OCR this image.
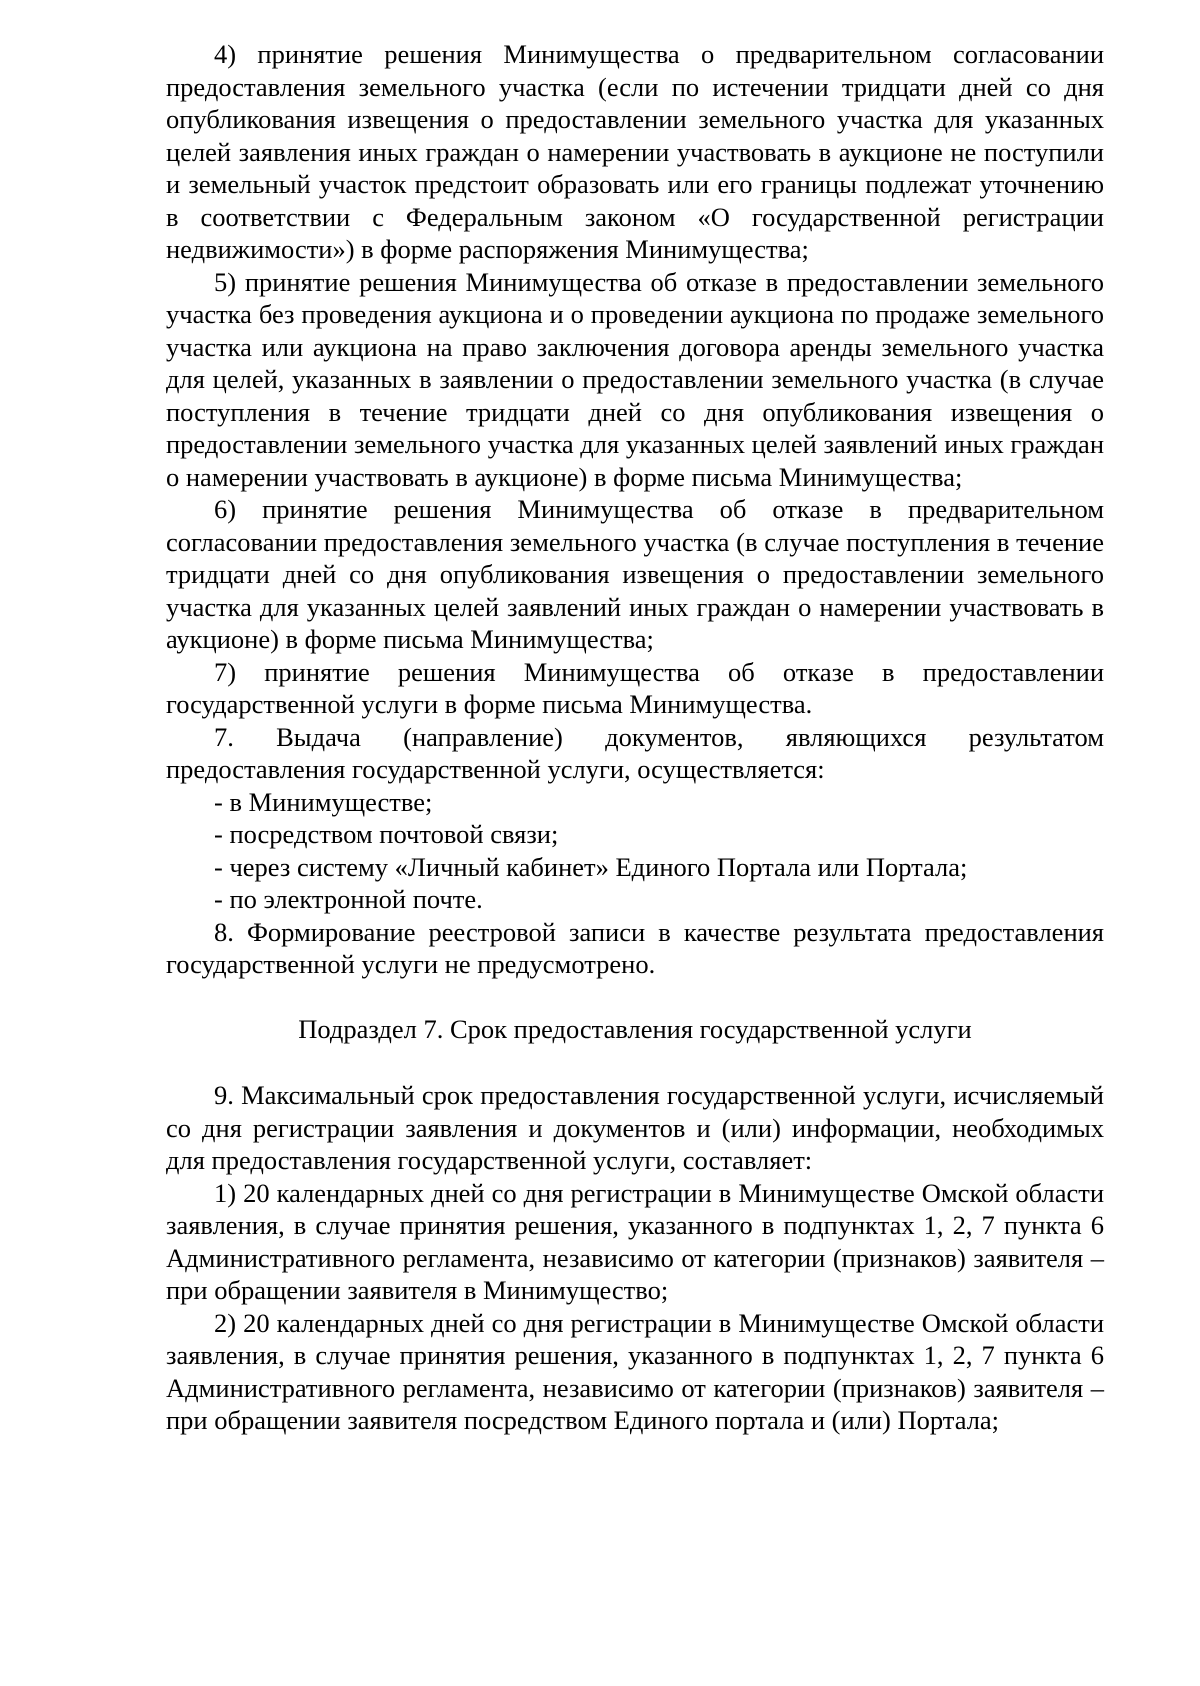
4) принятие решения Минимущества о предварительном согласовании предоставления земельного участка (если по истечении тридцати дней со дня опубликования извещения о предоставлении земельного участка для указанных целей заявления иных граждан о намерении участвовать в аукционе не поступили и земельный участок предстоит образовать или его границы подлежат уточнению в соответствии с Федеральным законом «О государственной регистрации недвижимости») в форме распоряжения Минимущества;

5) принятие решения Минимущества об отказе в предоставлении земельного участка без проведения аукциона и о проведении аукциона по продаже земельного участка или аукциона на право заключения договора аренды земельного участка для целей, указанных в заявлении о предоставлении земельного участка (в случае поступления в течение тридцати дней со дня опубликования извещения о предоставлении земельного участка для указанных целей заявлений иных граждан о намерении участвовать в аукционе) в форме письма Минимущества;

6) принятие решения Минимущества об отказе в предварительном согласовании предоставления земельного участка (в случае поступления в течение тридцати дней со дня опубликования извещения о предоставлении земельного участка для указанных целей заявлений иных граждан о намерении участвовать в аукционе) в форме письма Минимущества;

7) принятие решения Минимущества об отказе в предоставлении государственной услуги в форме письма Минимущества.

7. Выдача (направление) документов, являющихся результатом предоставления государственной услуги, осуществляется:

- в Минимуществе;

- посредством почтовой связи;

- через систему «Личный кабинет» Единого Портала или Портала;

- по электронной почте.

8. Формирование реестровой записи в качестве результата предоставления государственной услуги не предусмотрено.

Подраздел 7. Срок предоставления государственной услуги

9. Максимальный срок предоставления государственной услуги, исчисляемый со дня регистрации заявления и документов и (или) информации, необходимых для предоставления государственной услуги, составляет:

1) 20 календарных дней со дня регистрации в Минимуществе Омской области заявления, в случае принятия решения, указанного в подпунктах 1, 2, 7 пункта 6 Административного регламента, независимо от категории (признаков) заявителя – при обращении заявителя в Минимущество;

2) 20 календарных дней со дня регистрации в Минимуществе Омской области заявления, в случае принятия решения, указанного в подпунктах 1, 2, 7 пункта 6 Административного регламента, независимо от категории (признаков) заявителя – при обращении заявителя посредством Единого портала и (или) Портала;
